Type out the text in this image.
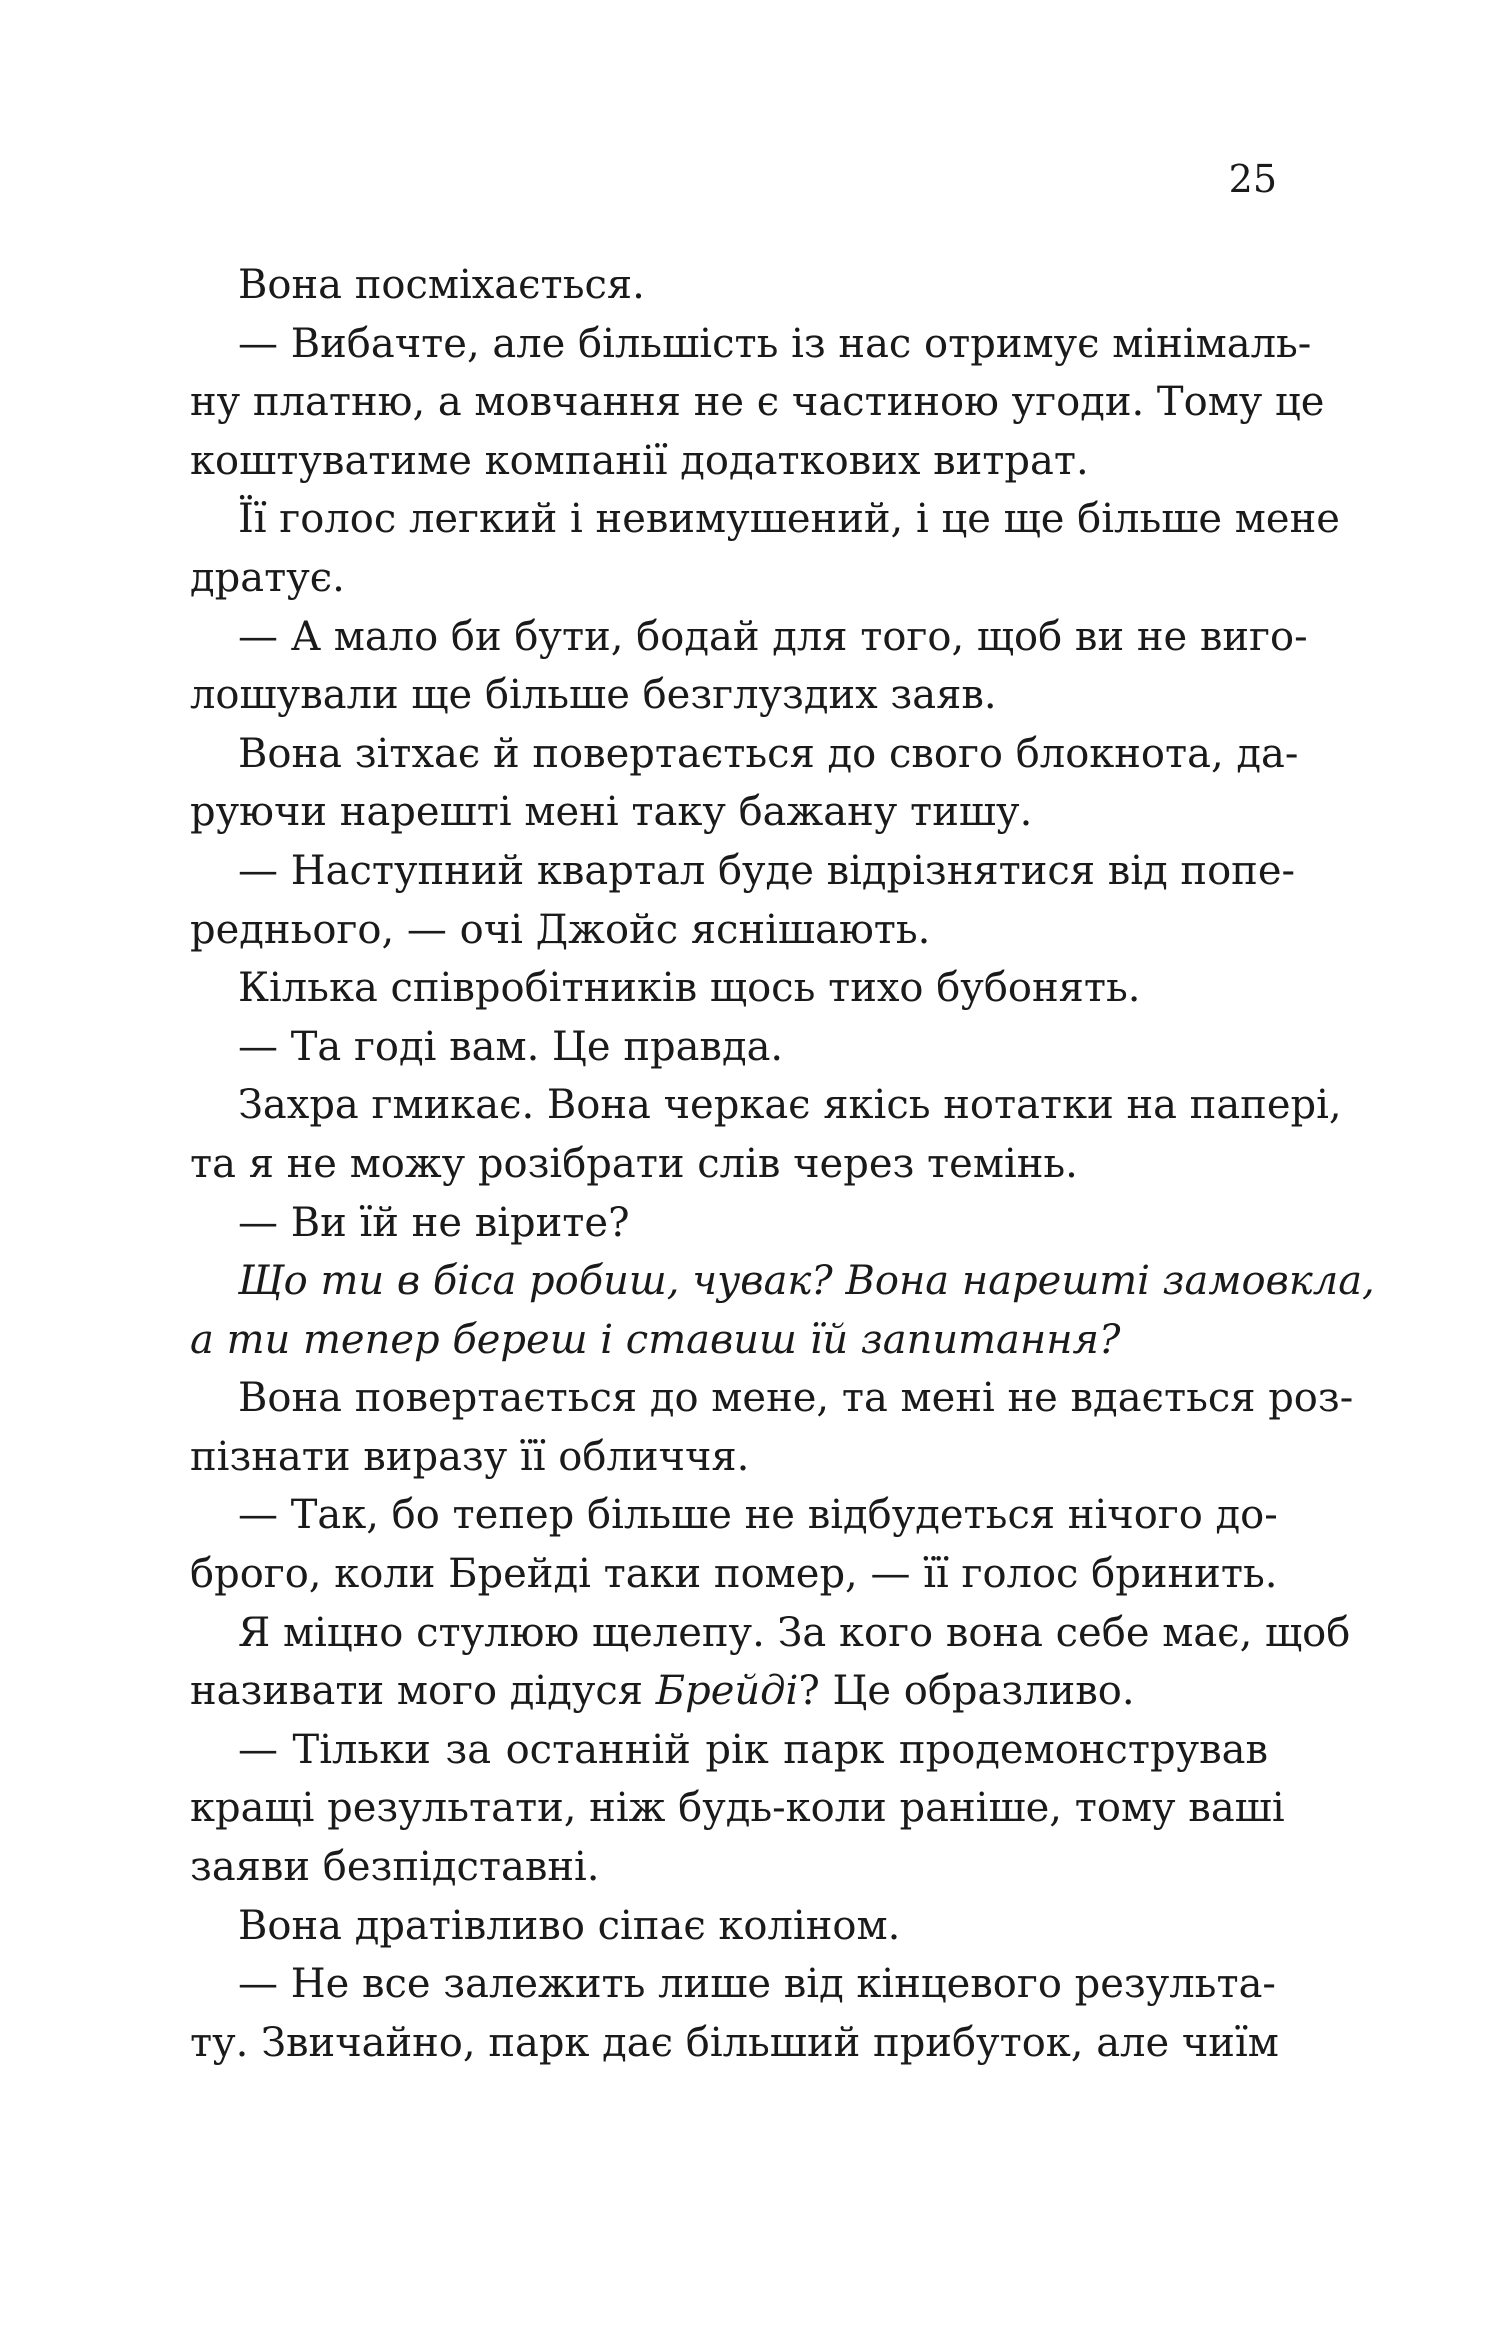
25
Вона посміхається.
— Вибачте, але більшість із нас отримує мінімаль-
ну платню, а мовчання не є частиною угоди. Тому це
коштуватиме компанії додаткових витрат.
Її голос легкий і невимушений, і це ще більше мене
дратує.
— А мало би бути, бодай для того, щоб ви не виго-
лошували ще більше безглуздих заяв.
Вона зітхає й повертається до свого блокнота, да-
руючи нарешті мені таку бажану тишу.
— Наступний квартал буде відрізнятися від попе-
реднього, — очі Джойс яснішають.
Кілька співробітників щось тихо бубонять.
— Та годі вам. Це правда.
Захра гмикає. Вона черкає якісь нотатки на папері,
та я не можу розібрати слів через темінь.
— Ви їй не вірите?
Що ти в біса робиш, чувак? Вона нарешті замовкла,
а ти тепер береш і ставиш їй запитання?
Вона повертається до мене, та мені не вдається роз-
пізнати виразу її обличчя.
— Так, бо тепер більше не відбудеться нічого до-
брого, коли Брейді таки помер, — її голос бринить.
Я міцно стулюю щелепу. За кого вона себе має, щоб
називати мого дідуся Брейді? Це образливо.
— Тільки за останній рік парк продемонстрував
кращі результати, ніж будь-коли раніше, тому ваші
заяви безпідставні.
Вона дратівливо сіпає коліном.
— Не все залежить лише від кінцевого результа-
ту. Звичайно, парк дає більший прибуток, але чиїм
